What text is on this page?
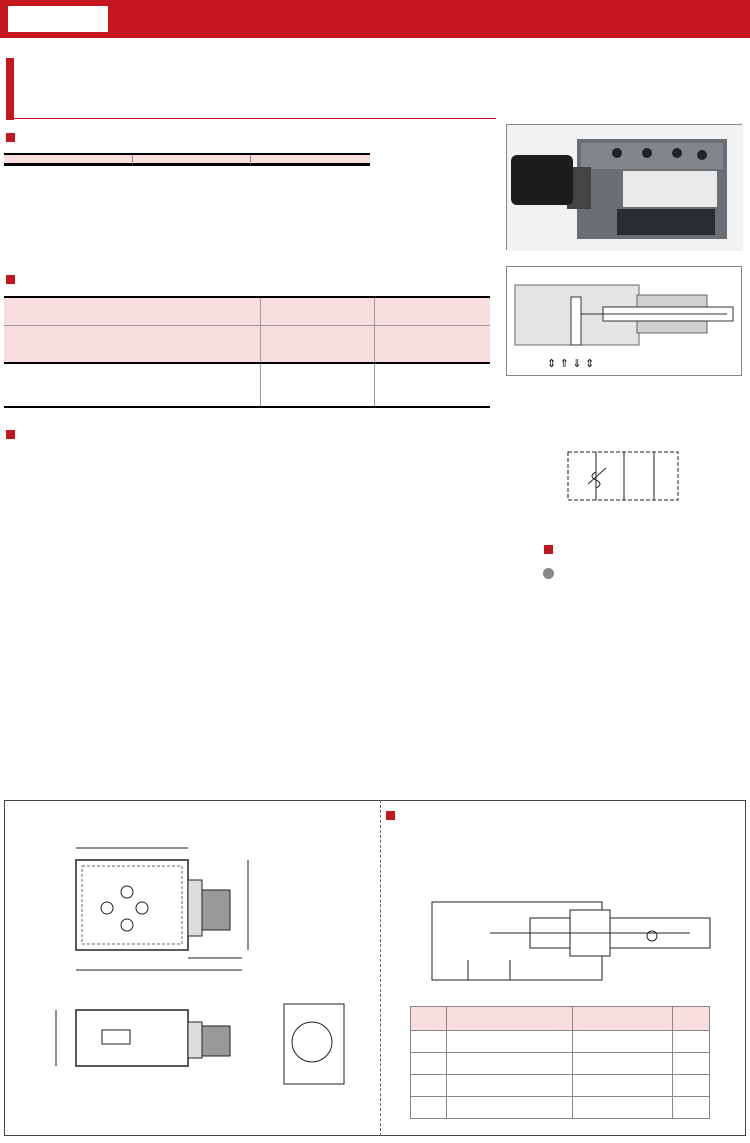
⇕ ⇑ ⇓ ⇕
